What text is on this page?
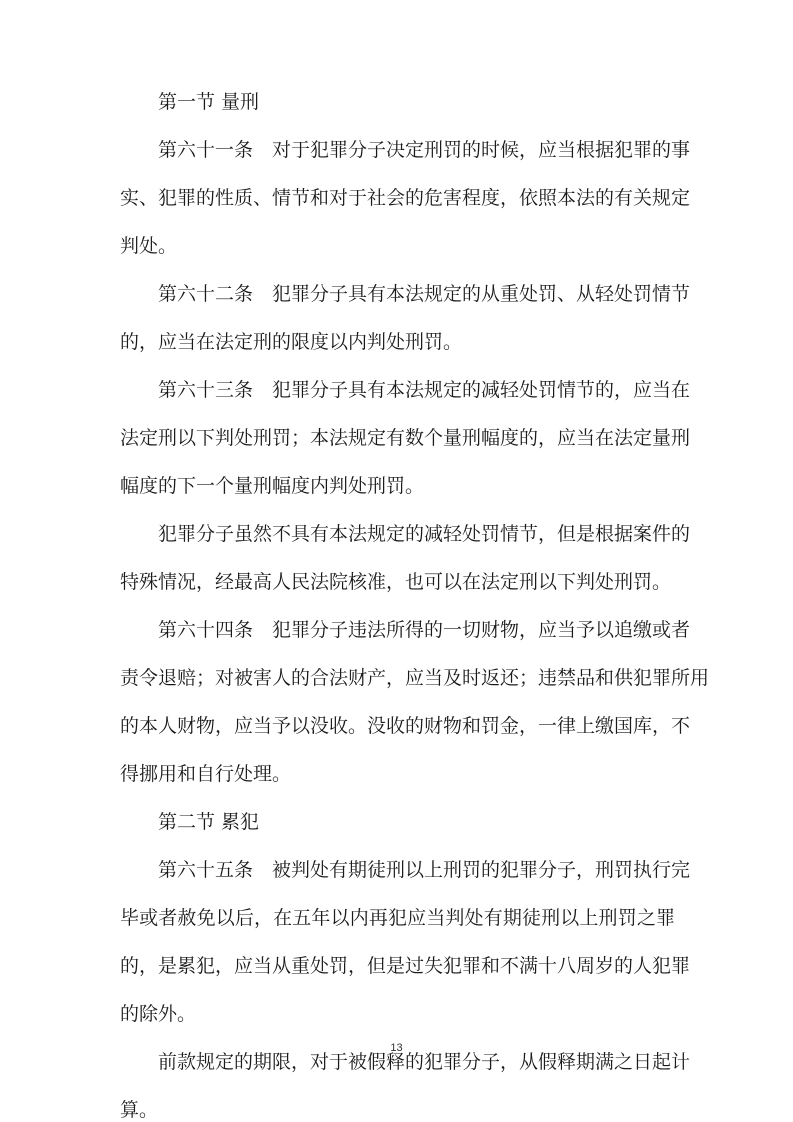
　　第一节 量刑
　　第六十一条　对于犯罪分子决定刑罚的时候，应当根据犯罪的事
实、犯罪的性质、情节和对于社会的危害程度，依照本法的有关规定
判处。
　　第六十二条　犯罪分子具有本法规定的从重处罚、从轻处罚情节
的，应当在法定刑的限度以内判处刑罚。
　　第六十三条　犯罪分子具有本法规定的减轻处罚情节的，应当在
法定刑以下判处刑罚；本法规定有数个量刑幅度的，应当在法定量刑
幅度的下一个量刑幅度内判处刑罚。
　　犯罪分子虽然不具有本法规定的减轻处罚情节，但是根据案件的
特殊情况，经最高人民法院核准，也可以在法定刑以下判处刑罚。
　　第六十四条　犯罪分子违法所得的一切财物，应当予以追缴或者
责令退赔；对被害人的合法财产，应当及时返还；违禁品和供犯罪所用
的本人财物，应当予以没收。没收的财物和罚金，一律上缴国库，不
得挪用和自行处理。
　　第二节 累犯
　　第六十五条　被判处有期徒刑以上刑罚的犯罪分子，刑罚执行完
毕或者赦免以后，在五年以内再犯应当判处有期徒刑以上刑罚之罪
的，是累犯，应当从重处罚，但是过失犯罪和不满十八周岁的人犯罪
的除外。
　　前款规定的期限，对于被假释的犯罪分子，从假释期满之日起计
算。
13
